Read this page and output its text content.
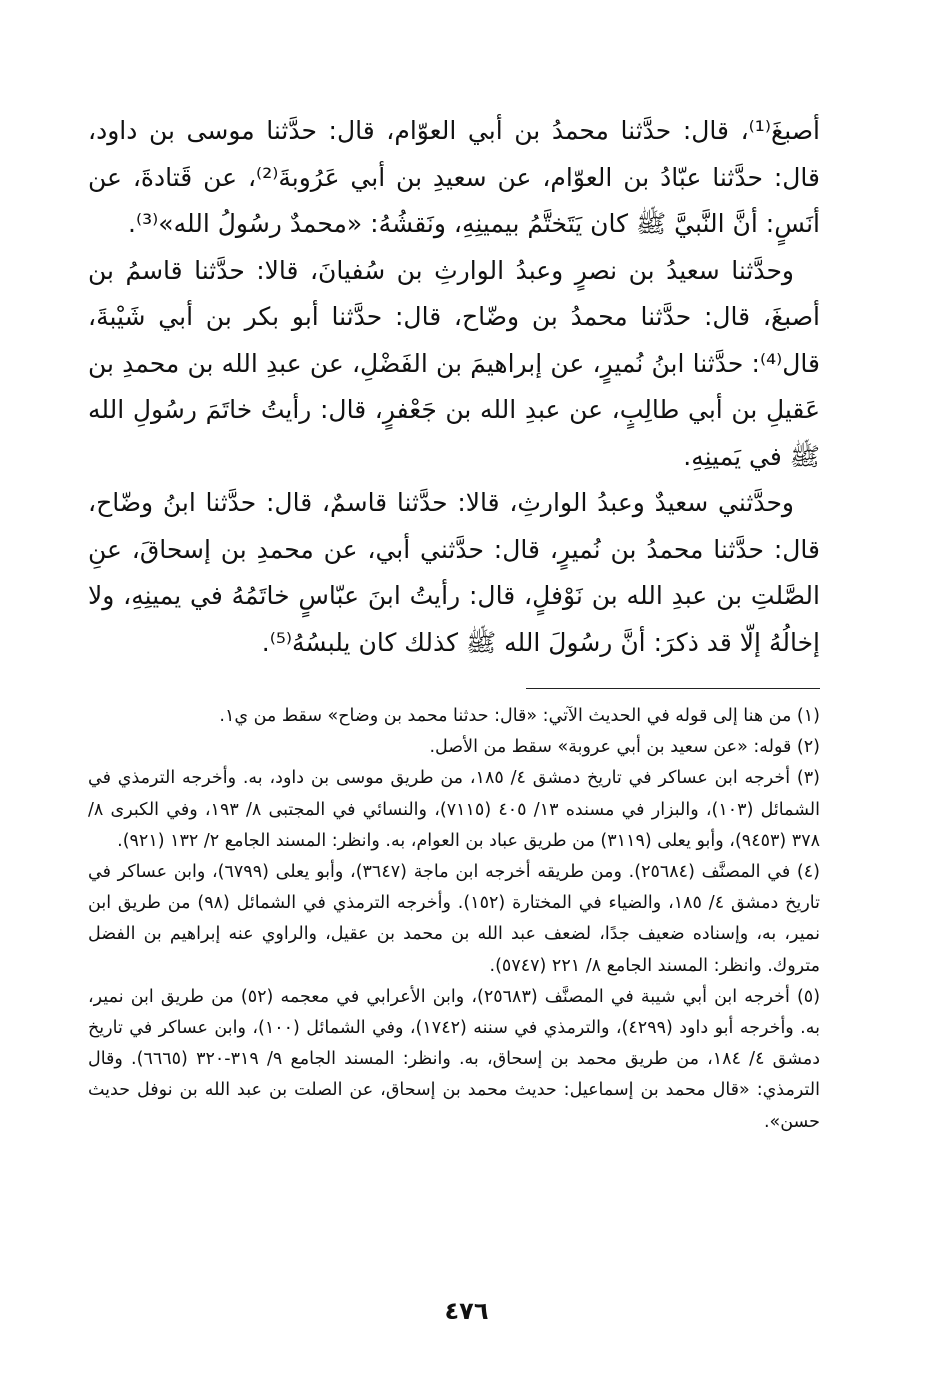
أصبغَ⁽¹⁾، قال: حدَّثنا محمدُ بن أبي العوّام، قال: حدَّثنا موسى بن داود، قال: حدَّثنا عبّادُ بن العوّام، عن سعيدِ بن أبي عَرُوبةَ⁽²⁾، عن قَتادةَ، عن أنَسٍ: أنَّ النَّبيَّ ﷺ كان يَتَختَّمُ بيمينِهِ، ونَقشُهُ: «محمدٌ رسُولُ الله»⁽³⁾.

وحدَّثنا سعيدُ بن نصرٍ وعبدُ الوارثِ بن سُفيانَ، قالا: حدَّثنا قاسمُ بن أصبغَ، قال: حدَّثنا محمدُ بن وضّاح، قال: حدَّثنا أبو بكر بن أبي شَيْبةَ، قال⁽⁴⁾: حدَّثنا ابنُ نُميرٍ، عن إبراهيمَ بن الفَضْلِ، عن عبدِ الله بن محمدِ بن عَقيلِ بن أبي طالِبٍ، عن عبدِ الله بن جَعْفرٍ، قال: رأيتُ خاتَمَ رسُولِ الله ﷺ في يَمينِهِ.

وحدَّثني سعيدٌ وعبدُ الوارثِ، قالا: حدَّثنا قاسمٌ، قال: حدَّثنا ابنُ وضّاح، قال: حدَّثنا محمدُ بن نُميرٍ، قال: حدَّثني أبي، عن محمدِ بن إسحاقَ، عنِ الصَّلتِ بن عبدِ الله بن نَوْفلٍ، قال: رأيتُ ابنَ عبّاسٍ خاتَمُهُ في يمينِهِ، ولا إخالُهُ إلّا قد ذكرَ: أنَّ رسُولَ الله ﷺ كذلك كان يلبسُهُ⁽⁵⁾.

(١) من هنا إلى قوله في الحديث الآتي: «قال: حدثنا محمد بن وضاح» سقط من ي١.

(٢) قوله: «عن سعيد بن أبي عروبة» سقط من الأصل.

(٣) أخرجه ابن عساكر في تاريخ دمشق ٤/ ١٨٥، من طريق موسى بن داود، به. وأخرجه الترمذي في الشمائل (١٠٣)، والبزار في مسنده ١٣/ ٤٠٥ (٧١١٥)، والنسائي في المجتبى ٨/ ١٩٣، وفي الكبرى ٨/ ٣٧٨ (٩٤٥٣)، وأبو يعلى (٣١١٩) من طريق عباد بن العوام، به. وانظر: المسند الجامع ٢/ ١٣٢ (٩٢١).

(٤) في المصنَّف (٢٥٦٨٤). ومن طريقه أخرجه ابن ماجة (٣٦٤٧)، وأبو يعلى (٦٧٩٩)، وابن عساكر في تاريخ دمشق ٤/ ١٨٥، والضياء في المختارة (١٥٢). وأخرجه الترمذي في الشمائل (٩٨) من طريق ابن نمير، به، وإسناده ضعيف جدًا، لضعف عبد الله بن محمد بن عقيل، والراوي عنه إبراهيم بن الفضل متروك. وانظر: المسند الجامع ٨/ ٢٢١ (٥٧٤٧).

(٥) أخرجه ابن أبي شيبة في المصنَّف (٢٥٦٨٣)، وابن الأعرابي في معجمه (٥٢) من طريق ابن نمير، به. وأخرجه أبو داود (٤٢٩٩)، والترمذي في سننه (١٧٤٢)، وفي الشمائل (١٠٠)، وابن عساكر في تاريخ دمشق ٤/ ١٨٤، من طريق محمد بن إسحاق، به. وانظر: المسند الجامع ٩/ ٣١٩-٣٢٠ (٦٦٦٥). وقال الترمذي: «قال محمد بن إسماعيل: حديث محمد بن إسحاق، عن الصلت بن عبد الله بن نوفل حديث حسن».

٤٧٦
